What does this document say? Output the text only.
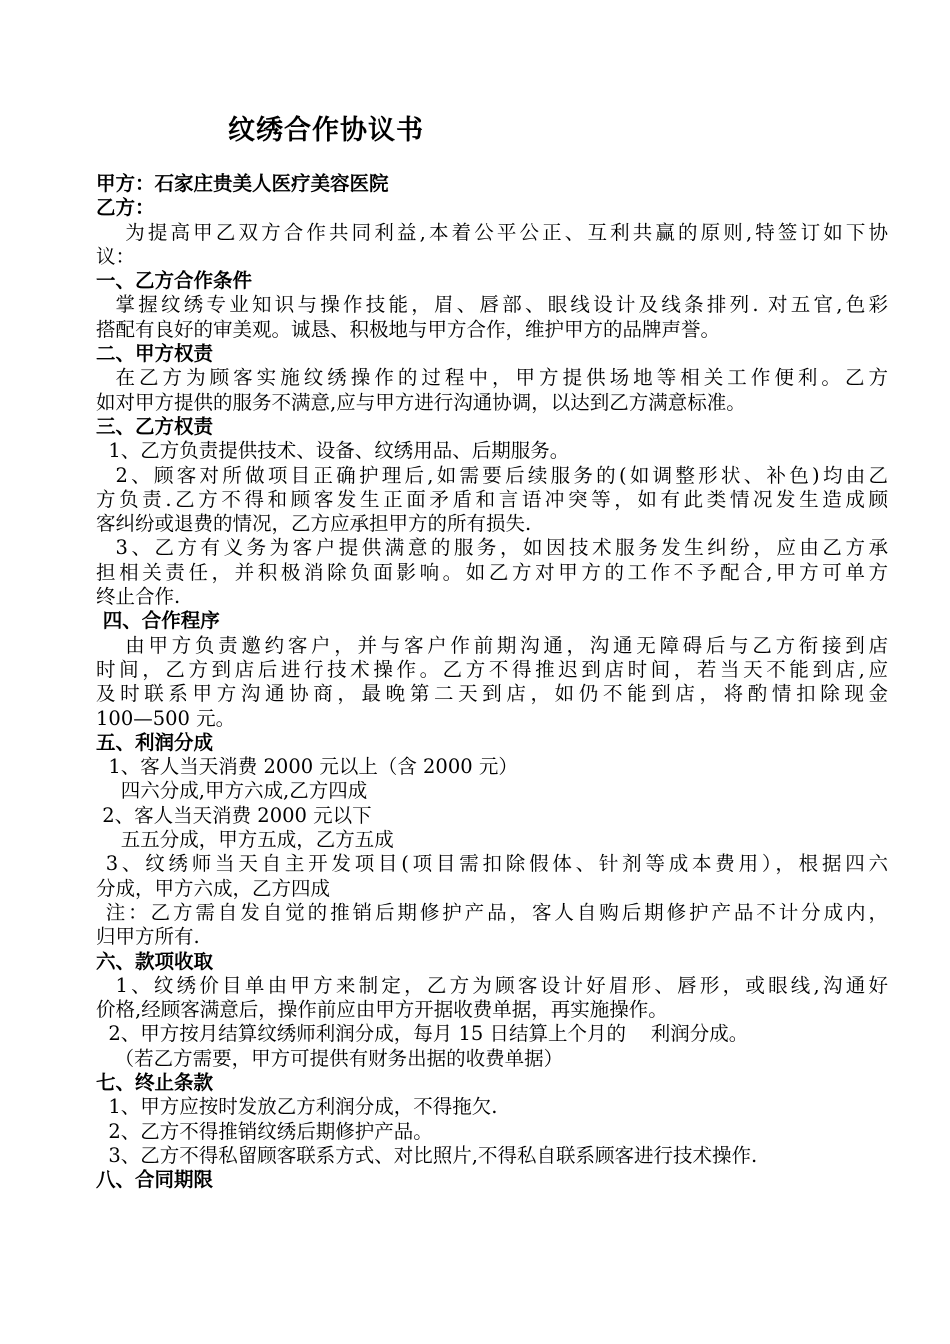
纹绣合作协议书
甲方：石家庄贵美人医疗美容医院
乙方：
为提高甲乙双方合作共同利益,本着公平公正、互利共赢的原则,特签订如下协
议：
一、乙方合作条件
掌握纹绣专业知识与操作技能，眉、唇部、眼线设计及线条排列. 对五官,色彩
搭配有良好的审美观。诚恳、积极地与甲方合作，维护甲方的品牌声誉。
二、甲方权责
在乙方为顾客实施纹绣操作的过程中，甲方提供场地等相关工作便利。乙方
如对甲方提供的服务不满意,应与甲方进行沟通协调，以达到乙方满意标准。
三、乙方权责
1、乙方负责提供技术、设备、纹绣用品、后期服务。
2、顾客对所做项目正确护理后,如需要后续服务的(如调整形状、补色)均由乙
方负责.乙方不得和顾客发生正面矛盾和言语冲突等，如有此类情况发生造成顾
客纠纷或退费的情况，乙方应承担甲方的所有损失.
3、乙方有义务为客户提供满意的服务，如因技术服务发生纠纷，应由乙方承
担相关责任，并积极消除负面影响。如乙方对甲方的工作不予配合,甲方可单方
终止合作.
四、合作程序
由甲方负责邀约客户，并与客户作前期沟通，沟通无障碍后与乙方衔接到店
时间，乙方到店后进行技术操作。乙方不得推迟到店时间，若当天不能到店,应
及时联系甲方沟通协商，最晚第二天到店，如仍不能到店，将酌情扣除现金
100—500 元。
五、利润分成
1、客人当天消费 2000 元以上（含 2000 元）
四六分成,甲方六成,乙方四成
2、客人当天消费 2000 元以下
五五分成，甲方五成，乙方五成
3、纹绣师当天自主开发项目(项目需扣除假体、针剂等成本费用），根据四六
分成，甲方六成，乙方四成
注：乙方需自发自觉的推销后期修护产品，客人自购后期修护产品不计分成内，
归甲方所有.
六、款项收取
1、纹绣价目单由甲方来制定，乙方为顾客设计好眉形、唇形，或眼线,沟通好
价格,经顾客满意后，操作前应由甲方开据收费单据，再实施操作。
2、甲方按月结算纹绣师利润分成，每月 15 日结算上个月的    利润分成。
（若乙方需要，甲方可提供有财务出据的收费单据）
七、终止条款
1、甲方应按时发放乙方利润分成，不得拖欠.
2、乙方不得推销纹绣后期修护产品。
3、乙方不得私留顾客联系方式、对比照片,不得私自联系顾客进行技术操作.
八、合同期限
